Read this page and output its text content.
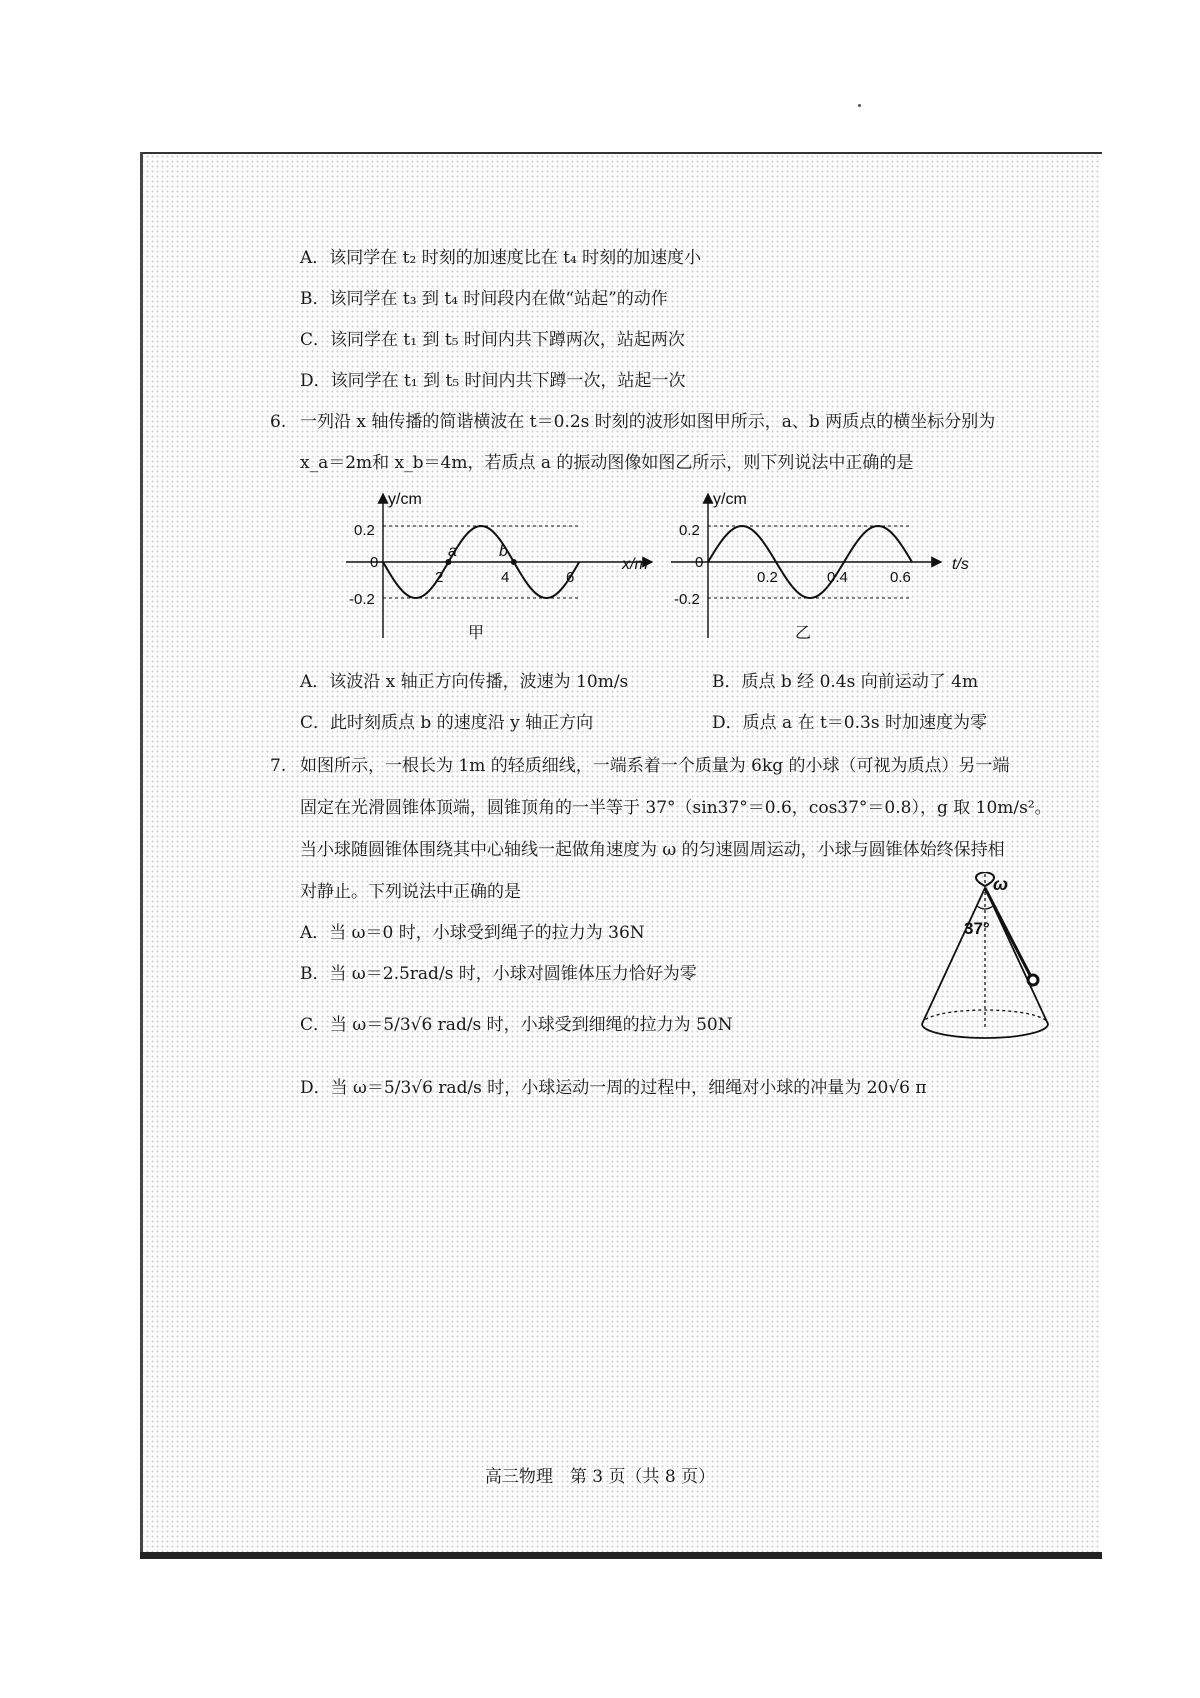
A．该同学在 t₂ 时刻的加速度比在 t₄ 时刻的加速度小
B．该同学在 t₃ 到 t₄ 时间段内在做“站起”的动作
C．该同学在 t₁ 到 t₅ 时间内共下蹲两次，站起两次
D．该同学在 t₁ 到 t₅ 时间内共下蹲一次，站起一次
6. 一列沿 x 轴传播的简谐横波在 t＝0.2s 时刻的波形如图甲所示，a、b 两质点的横坐标分别为
x_a＝2m和 x_b＝4m，若质点 a 的振动图像如图乙所示，则下列说法中正确的是
y/cm
x/m
0.2
0
-0.2
2	4	6
a	b
甲
y/cm
t/s
0.2
0
-0.2
0.2	0.4	0.6
乙
A．该波沿 x 轴正方向传播，波速为 10m/s	B．质点 b 经 0.4s 向前运动了 4m
C．此时刻质点 b 的速度沿 y 轴正方向	D．质点 a 在 t＝0.3s 时加速度为零
7. 如图所示，一根长为 1m 的轻质细线，一端系着一个质量为 6kg 的小球（可视为质点）另一端
固定在光滑圆锥体顶端，圆锥顶角的一半等于 37°（sin37°＝0.6，cos37°＝0.8），g 取 10m/s²。
当小球随圆锥体围绕其中心轴线一起做角速度为 ω 的匀速圆周运动，小球与圆锥体始终保持相
对静止。下列说法中正确的是
A．当 ω＝0 时，小球受到绳子的拉力为 36N
B．当 ω＝2.5rad/s 时，小球对圆锥体压力恰好为零
C．当 ω＝5/3√6 rad/s 时，小球受到细绳的拉力为 50N
D．当 ω＝5/3√6 rad/s 时，小球运动一周的过程中，细绳对小球的冲量为 20√6 π
ω
37°
高三物理　第 3 页（共 8 页）
